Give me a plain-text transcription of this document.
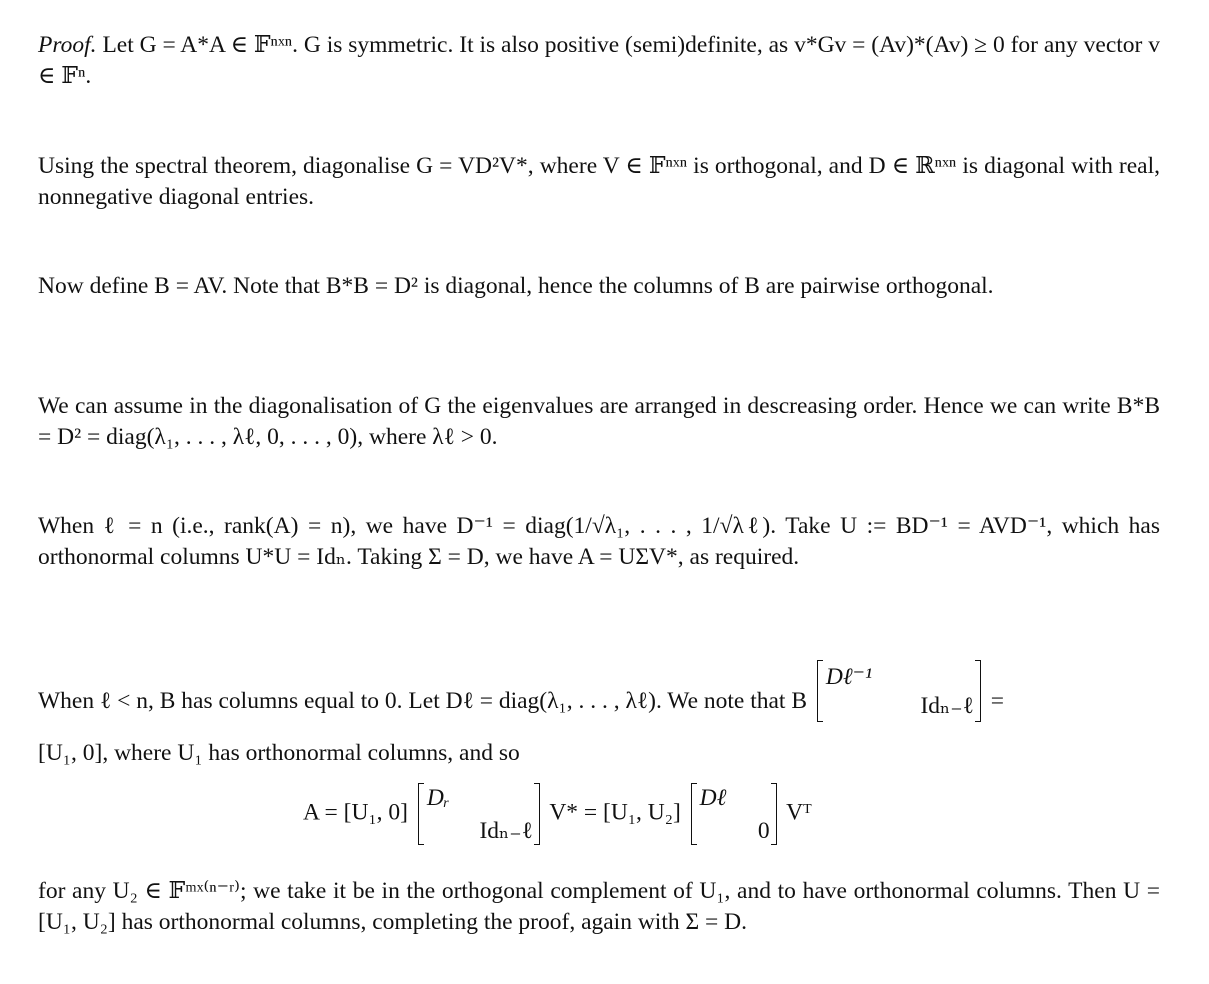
Proof. Let G = A*A ∈ 𝔽ⁿˣⁿ. G is symmetric. It is also positive (semi)definite, as v*Gv = (Av)*(Av) ≥ 0 for any vector v ∈ 𝔽ⁿ.
Using the spectral theorem, diagonalise G = VD²V*, where V ∈ 𝔽ⁿˣⁿ is orthogonal, and D ∈ ℝⁿˣⁿ is diagonal with real, nonnegative diagonal entries.
Now define B = AV. Note that B*B = D² is diagonal, hence the columns of B are pairwise orthogonal.
We can assume in the diagonalisation of G the eigenvalues are arranged in descreasing order. Hence we can write B*B = D² = diag(λ₁, . . . , λℓ, 0, . . . , 0), where λℓ > 0.
When ℓ = n (i.e., rank(A) = n), we have D⁻¹ = diag(1/√λ₁, . . . , 1/√λℓ). Take U := BD⁻¹ = AVD⁻¹, which has orthonormal columns U*U = Idₙ. Taking Σ = D, we have A = UΣV*, as required.
When ℓ < n, B has columns equal to 0. Let Dℓ = diag(λ₁, . . . , λℓ). We note that B
Dℓ⁻¹
Idₙ₋ℓ =
[U₁, 0], where U₁ has orthonormal columns, and so
A = [U₁, 0]
Dᵣ
Idₙ₋ℓ
V* = [U₁, U₂]
Dℓ
0
Vᵀ
for any U₂ ∈ 𝔽ᵐˣ⁽ⁿ⁻ʳ⁾; we take it be in the orthogonal complement of U₁, and to have orthonormal columns. Then U = [U₁, U₂] has orthonormal columns, completing the proof, again with Σ = D.
